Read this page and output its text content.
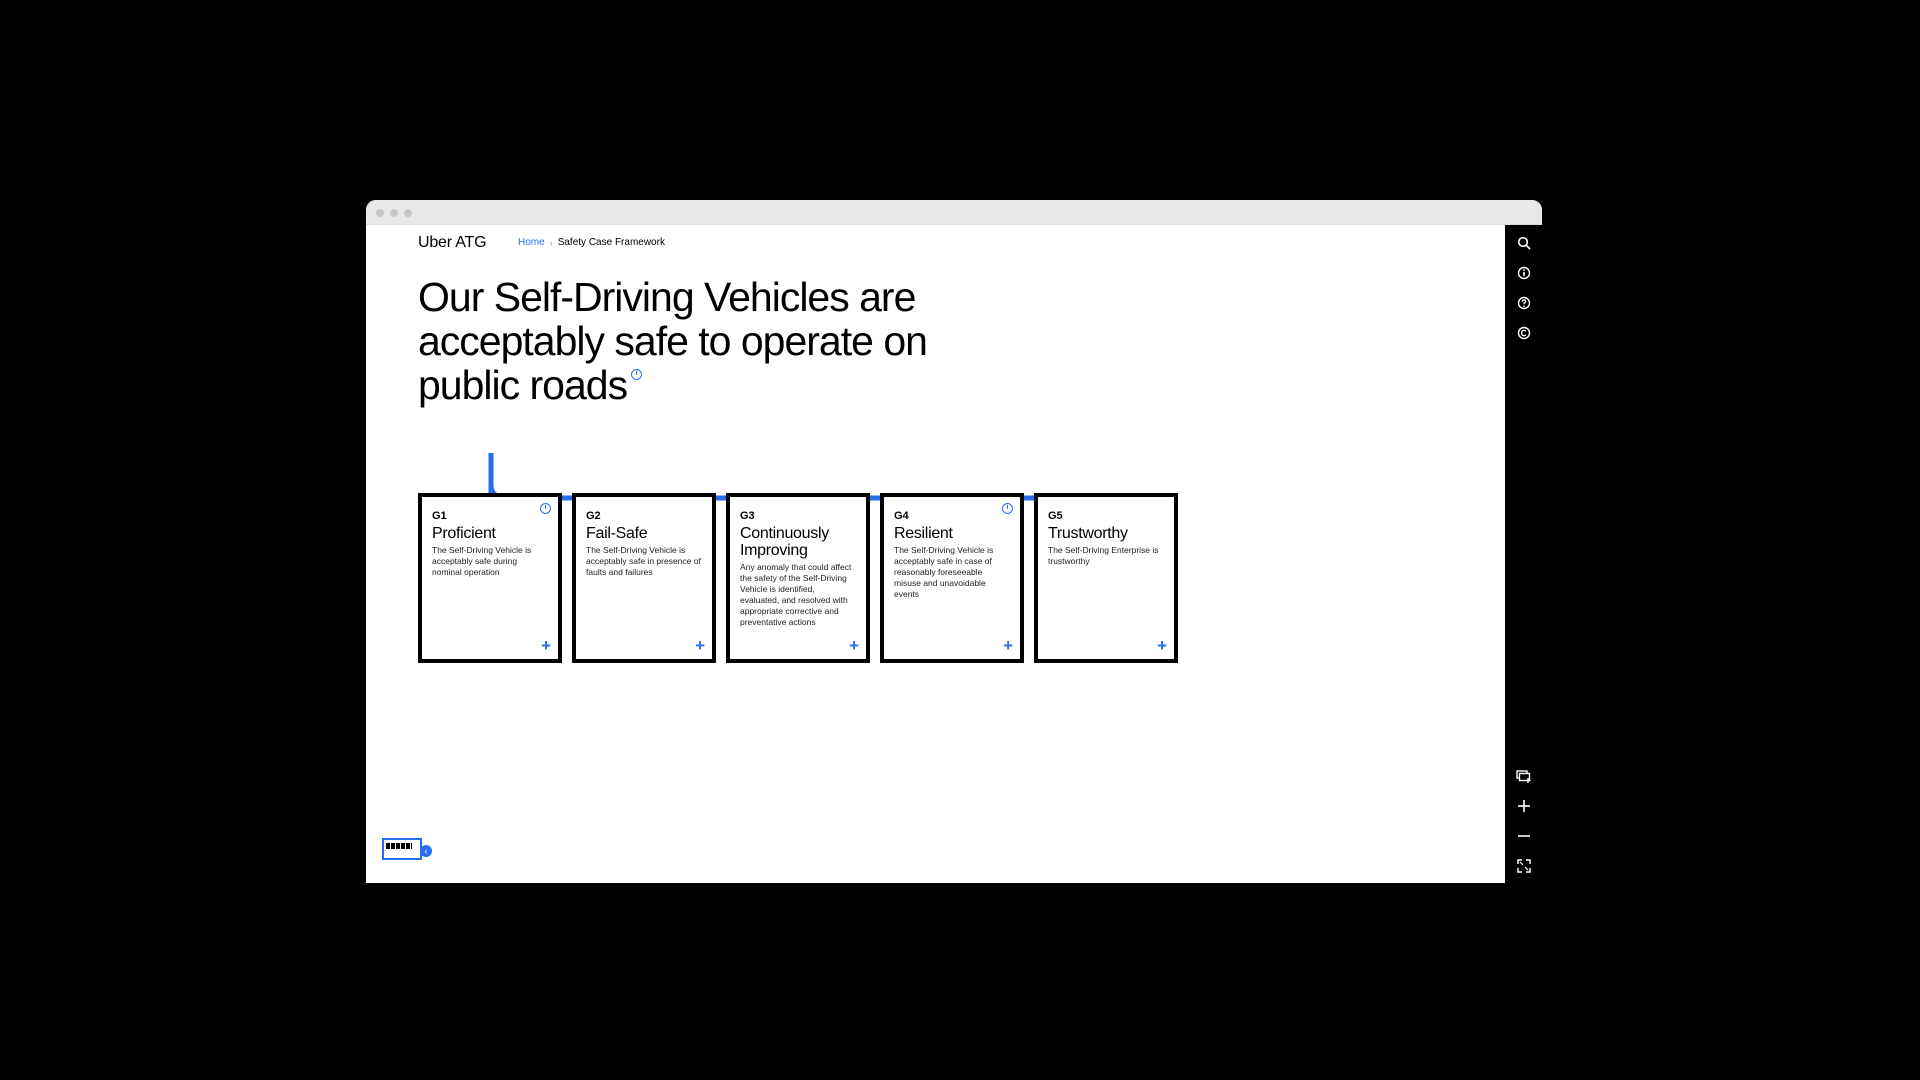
Uber ATG	Home › Safety Case Framework
Our Self-Driving Vehicles are
acceptably safe to operate on
public roads i
G1
Proficient
The Self-Driving Vehicle is acceptably safe during nominal operation
i
+
G2
Fail-Safe
The Self-Driving Vehicle is acceptably safe in presence of faults and failures
+
G3
Continuously Improving
Any anomaly that could affect the safety of the Self-Driving Vehicle is identified, evaluated, and resolved with appropriate corrective and preventative actions
+
G4
Resilient
The Self-Driving Vehicle is acceptably safe in case of reasonably foreseeable misuse and unavoidable events
i
+
G5
Trustworthy
The Self-Driving Enterprise is trustworthy
+
‹
